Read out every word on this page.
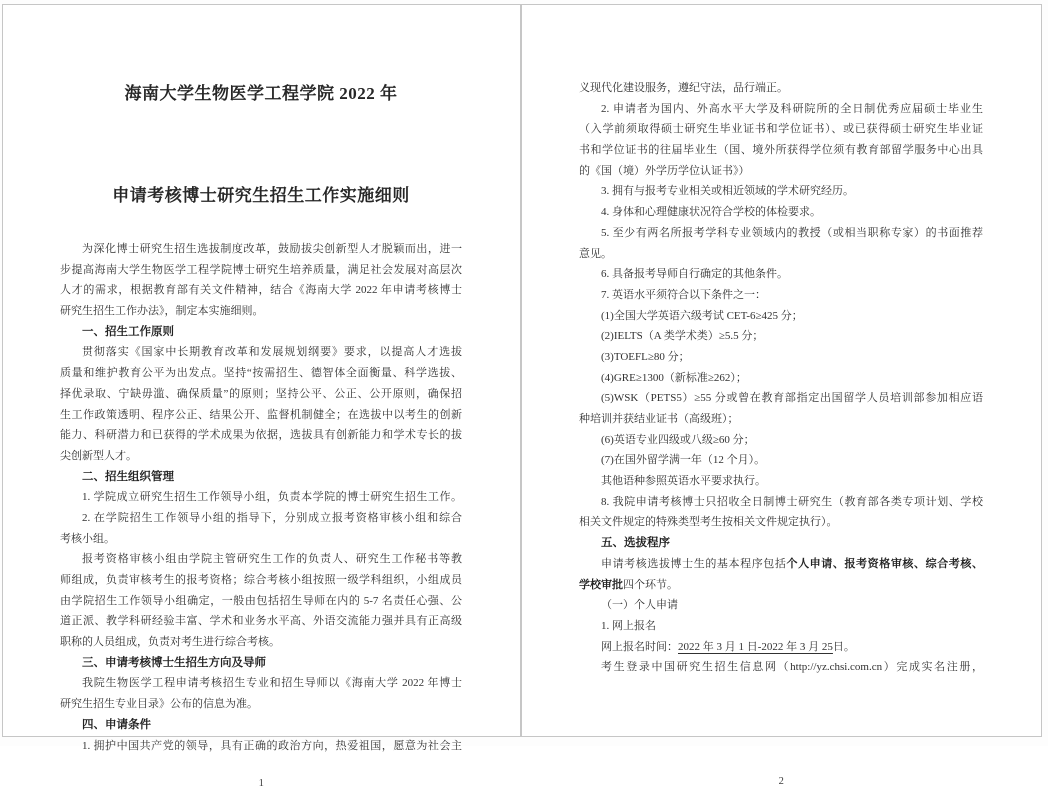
海南大学生物医学工程学院 2022 年
申请考核博士研究生招生工作实施细则
为深化博士研究生招生选拔制度改革，鼓励拔尖创新型人才脱颖而出，进一
步提高海南大学生物医学工程学院博士研究生培养质量，满足社会发展对高层次
人才的需求，根据教育部有关文件精神，结合《海南大学 2022 年申请考核博士
研究生招生工作办法》，制定本实施细则。
一、招生工作原则
贯彻落实《国家中长期教育改革和发展规划纲要》要求，以提高人才选拔
质量和维护教育公平为出发点。坚持“按需招生、德智体全面衡量、科学选拔、
择优录取、宁缺毋滥、确保质量”的原则；坚持公平、公正、公开原则，确保招
生工作政策透明、程序公正、结果公开、监督机制健全；在选拔中以考生的创新
能力、科研潜力和已获得的学术成果为依据，选拔具有创新能力和学术专长的拔
尖创新型人才。
二、招生组织管理
1. 学院成立研究生招生工作领导小组，负责本学院的博士研究生招生工作。
2. 在学院招生工作领导小组的指导下，分别成立报考资格审核小组和综合
考核小组。
报考资格审核小组由学院主管研究生工作的负责人、研究生工作秘书等教
师组成，负责审核考生的报考资格；综合考核小组按照一级学科组织，小组成员
由学院招生工作领导小组确定，一般由包括招生导师在内的 5-7 名责任心强、公
道正派、教学科研经验丰富、学术和业务水平高、外语交流能力强并具有正高级
职称的人员组成，负责对考生进行综合考核。
三、申请考核博士生招生方向及导师
我院生物医学工程申请考核招生专业和招生导师以《海南大学 2022 年博士
研究生招生专业目录》公布的信息为准。
四、申请条件
1. 拥护中国共产党的领导，具有正确的政治方向，热爱祖国，愿意为社会主
1
义现代化建设服务，遵纪守法，品行端正。
2. 申请者为国内、外高水平大学及科研院所的全日制优秀应届硕士毕业生
（入学前须取得硕士研究生毕业证书和学位证书）、或已获得硕士研究生毕业证
书和学位证书的往届毕业生（国、境外所获得学位须有教育部留学服务中心出具
的《国（境）外学历学位认证书》）
3. 拥有与报考专业相关或相近领域的学术研究经历。
4. 身体和心理健康状况符合学校的体检要求。
5. 至少有两名所报考学科专业领域内的教授（或相当职称专家）的书面推荐
意见。
6. 具备报考导师自行确定的其他条件。
7. 英语水平须符合以下条件之一：
(1)全国大学英语六级考试 CET-6≥425 分；
(2)IELTS（A 类学术类）≥5.5 分；
(3)TOEFL≥80 分；
(4)GRE≥1300（新标准≥262）；
(5)WSK（PETS5）≥55 分或曾在教育部指定出国留学人员培训部参加相应语
种培训并获结业证书（高级班）；
(6)英语专业四级或八级≥60 分；
(7)在国外留学满一年（12 个月）。
其他语种参照英语水平要求执行。
8. 我院申请考核博士只招收全日制博士研究生（教育部各类专项计划、学校
相关文件规定的特殊类型考生按相关文件规定执行）。
五、选拔程序
申请考核选拔博士生的基本程序包括个人申请、报考资格审核、综合考核、
学校审批四个环节。
（一）个人申请
1. 网上报名
网上报名时间：2022 年 3 月 1 日-2022 年 3 月 25日。
考生登录中国研究生招生信息网（http://yz.chsi.com.cn）完成实名注册，
2
